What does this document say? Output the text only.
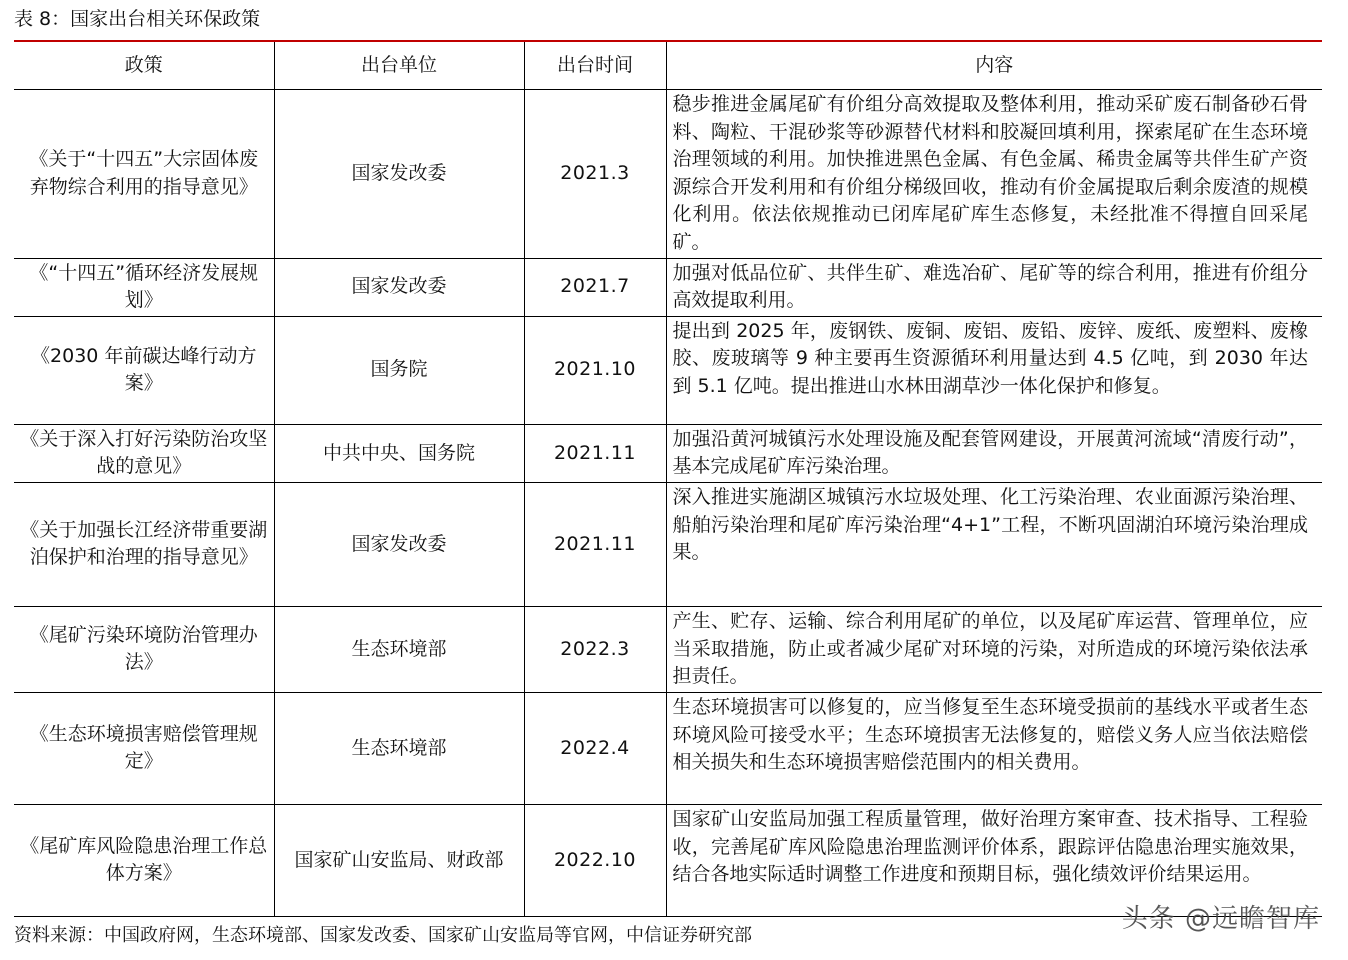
表 8：国家出台相关环保政策
政策	出台单位	出台时间	内容
《关于“十四五”大宗固体废弃物综合利用的指导意见》	国家发改委	2021.3	稳步推进金属尾矿有价组分高效提取及整体利用，推动采矿废石制备砂石骨料、陶粒、干混砂浆等砂源替代材料和胶凝回填利用，探索尾矿在生态环境治理领域的利用。加快推进黑色金属、有色金属、稀贵金属等共伴生矿产资源综合开发利用和有价组分梯级回收，推动有价金属提取后剩余废渣的规模化利用。依法依规推动已闭库尾矿库生态修复，未经批准不得擅自回采尾矿。
《“十四五”循环经济发展规划》	国家发改委	2021.7	加强对低品位矿、共伴生矿、难选冶矿、尾矿等的综合利用，推进有价组分高效提取利用。
《2030 年前碳达峰行动方案》	国务院	2021.10	提出到 2025 年，废钢铁、废铜、废铝、废铅、废锌、废纸、废塑料、废橡胶、废玻璃等 9 种主要再生资源循环利用量达到 4.5 亿吨，到 2030 年达到 5.1 亿吨。提出推进山水林田湖草沙一体化保护和修复。
《关于深入打好污染防治攻坚战的意见》	中共中央、国务院	2021.11	加强沿黄河城镇污水处理设施及配套管网建设，开展黄河流域“清废行动”，基本完成尾矿库污染治理。
《关于加强长江经济带重要湖泊保护和治理的指导意见》	国家发改委	2021.11	深入推进实施湖区城镇污水垃圾处理、化工污染治理、农业面源污染治理、船舶污染治理和尾矿库污染治理“4+1”工程，不断巩固湖泊环境污染治理成果。
《尾矿污染环境防治管理办法》	生态环境部	2022.3	产生、贮存、运输、综合利用尾矿的单位，以及尾矿库运营、管理单位，应当采取措施，防止或者减少尾矿对环境的污染，对所造成的环境污染依法承担责任。
《生态环境损害赔偿管理规定》	生态环境部	2022.4	生态环境损害可以修复的，应当修复至生态环境受损前的基线水平或者生态环境风险可接受水平；生态环境损害无法修复的，赔偿义务人应当依法赔偿相关损失和生态环境损害赔偿范围内的相关费用。
《尾矿库风险隐患治理工作总体方案》	国家矿山安监局、财政部	2022.10	国家矿山安监局加强工程质量管理，做好治理方案审查、技术指导、工程验收，完善尾矿库风险隐患治理监测评价体系，跟踪评估隐患治理实施效果，结合各地实际适时调整工作进度和预期目标，强化绩效评价结果运用。
资料来源：中国政府网，生态环境部、国家发改委、国家矿山安监局等官网，中信证券研究部
头条 @远瞻智库
